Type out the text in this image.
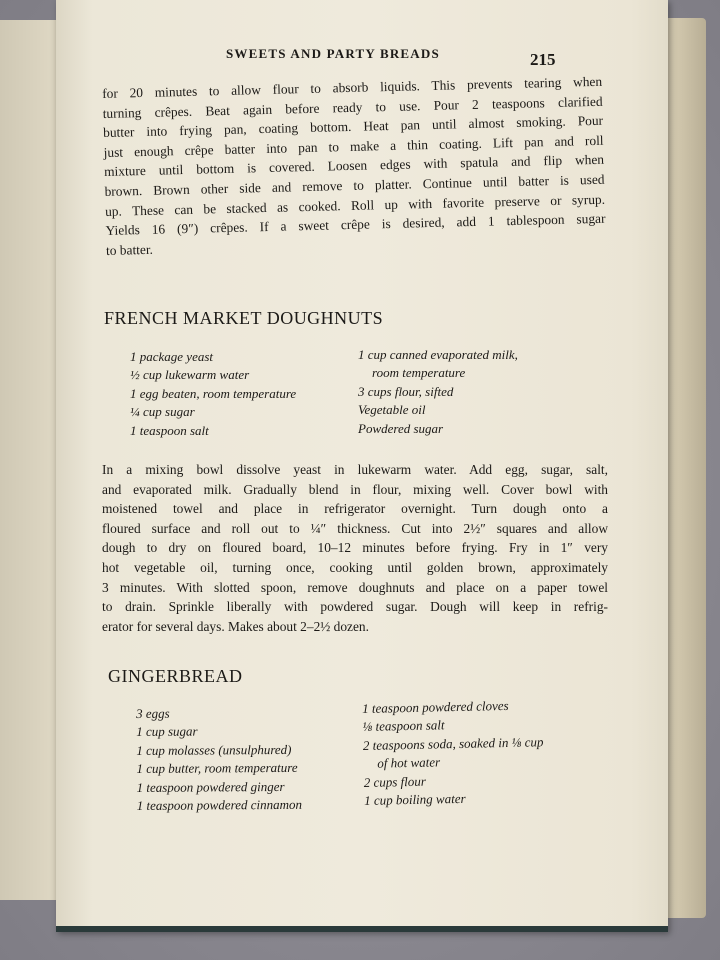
SWEETS AND PARTY BREADS	215
for 20 minutes to allow flour to absorb liquids. This prevents tearing when
turning crêpes. Beat again before ready to use. Pour 2 teaspoons clarified
butter into frying pan, coating bottom. Heat pan until almost smoking. Pour
just enough crêpe batter into pan to make a thin coating. Lift pan and roll
mixture until bottom is covered. Loosen edges with spatula and flip when
brown. Brown other side and remove to platter. Continue until batter is used
up. These can be stacked as cooked. Roll up with favorite preserve or syrup.
Yields 16 (9″) crêpes. If a sweet crêpe is desired, add 1 tablespoon sugar
to batter.
FRENCH MARKET DOUGHNUTS
1 package yeast
½ cup lukewarm water
1 egg beaten, room temperature
¼ cup sugar
1 teaspoon salt
1 cup canned evaporated milk,
room temperature
3 cups flour, sifted
Vegetable oil
Powdered sugar
In a mixing bowl dissolve yeast in lukewarm water. Add egg, sugar, salt,
and evaporated milk. Gradually blend in flour, mixing well. Cover bowl with
moistened towel and place in refrigerator overnight. Turn dough onto a
floured surface and roll out to ¼″ thickness. Cut into 2½″ squares and allow
dough to dry on floured board, 10–12 minutes before frying. Fry in 1″ very
hot vegetable oil, turning once, cooking until golden brown, approximately
3 minutes. With slotted spoon, remove doughnuts and place on a paper towel
to drain. Sprinkle liberally with powdered sugar. Dough will keep in refrig-
erator for several days. Makes about 2–2½ dozen.
GINGERBREAD
3 eggs
1 cup sugar
1 cup molasses (unsulphured)
1 cup butter, room temperature
1 teaspoon powdered ginger
1 teaspoon powdered cinnamon
1 teaspoon powdered cloves
⅛ teaspoon salt
2 teaspoons soda, soaked in ⅛ cup
of hot water
2 cups flour
1 cup boiling water
